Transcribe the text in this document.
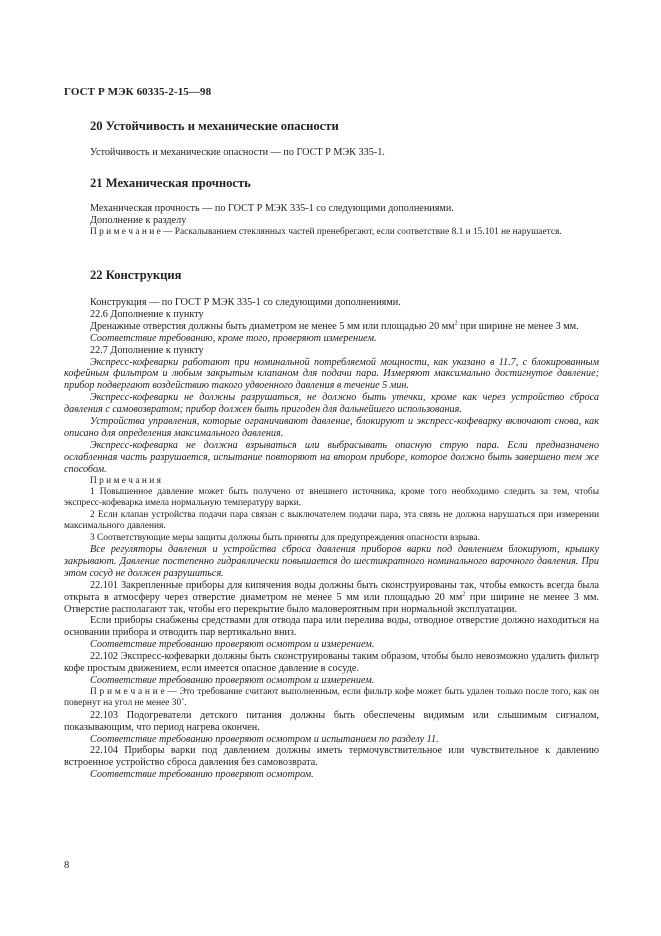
ГОСТ Р МЭК 60335-2-15—98
20 Устойчивость и механические опасности

Устойчивость и механические опасности — по ГОСТ Р МЭК 335-1.

21 Механическая прочность

Механическая прочность — по ГОСТ Р МЭК 335-1 со следующими дополнениями.

Дополнение к разделу

П р и м е ч а н и е — Раскалыванием стеклянных частей пренебрегают, если соответствие 8.1 и 15.101 не нарушается.

22 Конструкция

Конструкция — по ГОСТ Р МЭК 335-1 со следующими дополнениями.

22.6 Дополнение к пункту

Дренажные отверстия должны быть диаметром не менее 5 мм или площадью 20 $мм^2$ при ширине не менее 3 мм.

Соответствие требованию, кроме того, проверяют измерением.

22.7 Дополнение к пункту

Экспресс-кофеварки работают при номинальной потребляемой мощности, как указано в 11.7, с блокированным кофейным фильтром и любым закрытым клапаном для подачи пара. Измеряют максимально достигнутое давление; прибор подвергают воздействию такого удвоенного давления в течение 5 мин.

Экспресс-кофеварки не должны разрушаться, не должно быть утечки, кроме как через устройство сброса давления с самовозвратом; прибор должен быть пригоден для дальнейшего использования.

Устройства управления, которые ограничивают давление, блокируют и экспресс-кофеварку включают снова, как описано для определения максимального давления.

Экспресс-кофеварка не должна взрываться или выбрасывать опасную струю пара. Если предназначено ослабленная часть разрушается, испытание повторяют на втором приборе, которое должно быть завершено тем же способом.

П р и м е ч а н и я

1 Повышенное давление может быть получено от внешнего источника, кроме того необходимо следить за тем, чтобы экспресс-кофеварка имела нормальную температуру варки.

2 Если клапан устройства подачи пара связан с выключателем подачи пара, эта связь не должна нарушаться при измерении максимального давления.

3 Соответствующие меры защиты должны быть приняты для предупреждения опасности взрыва.

Все регуляторы давления и устройства сброса давления приборов варки под давлением блокируют, крышку закрывают. Давление постепенно гидравлически повышается до шестикратного номинального варочного давления. При этом сосуд не должен разрушиться.

22.101 Закрепленные приборы для кипячения воды должны быть сконструированы так, чтобы емкость всегда была открыта в атмосферу через отверстие диаметром не менее 5 мм или площадью 20 $мм^2$ при ширине не менее 3 мм. Отверстие располагают так, чтобы его перекрытие было маловероятным при нормальной эксплуатации.

Если приборы снабжены средствами для отвода пара или перелива воды, отводное отверстие должно находиться на основании прибора и отводить пар вертикально вниз.

Соответствие требованию проверяют осмотром и измерением.

22.102 Экспресс-кофеварки должны быть сконструированы таким образом, чтобы было невозможно удалить фильтр кофе простым движением, если имеется опасное давление в сосуде.

Соответствие требованию проверяют осмотром и измерением.

П р и м е ч а н и е — Это требование считают выполненным, если фильтр кофе может быть удален только после того, как он повернут на угол не менее 30˚.

22.103 Подогреватели детского питания должны быть обеспечены видимым или слышимым сигналом, показывающим, что период нагрева окончен.

Соответствие требованию проверяют осмотром и испытанием по разделу 11.

22.104 Приборы варки под давлением должны иметь термочувствительное или чувствительное к давлению встроенное устройство сброса давления без самовозврата.

Соответствие требованию проверяют осмотром.

8
